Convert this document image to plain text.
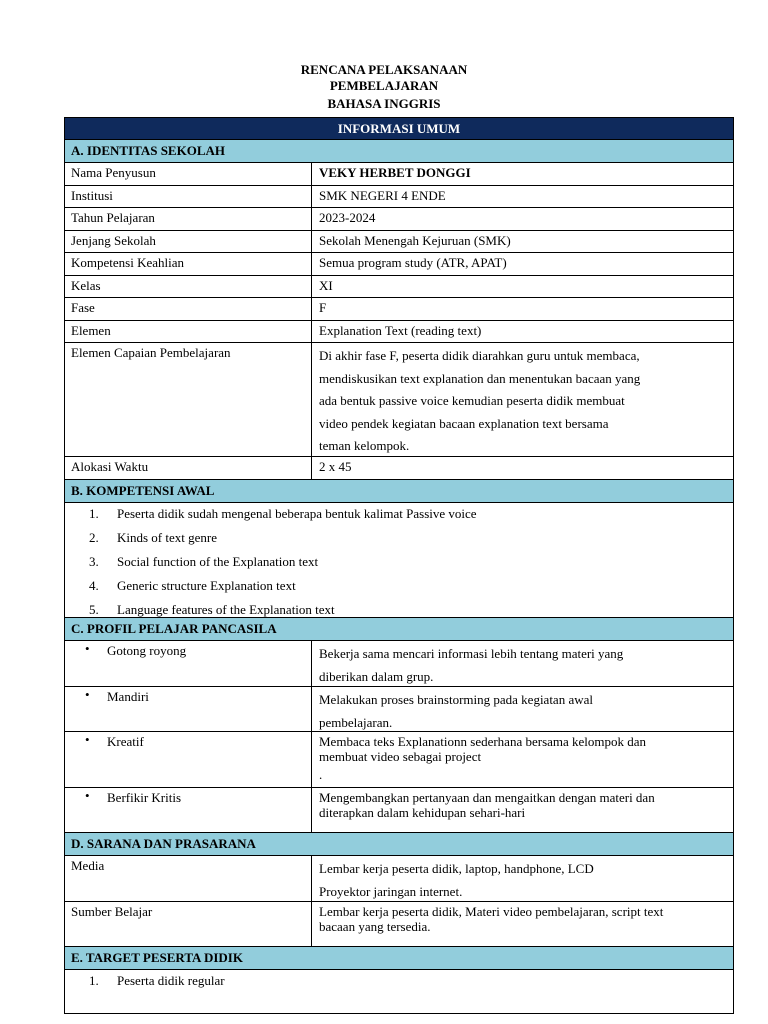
RENCANA PELAKSANAAN
PEMBELAJARAN
BAHASA INGGRIS
INFORMASI UMUM
A. IDENTITAS SEKOLAH
Nama Penyusun	VEKY HERBET DONGGI
Institusi	SMK NEGERI 4 ENDE
Tahun Pelajaran	2023-2024
Jenjang Sekolah	Sekolah Menengah Kejuruan (SMK)
Kompetensi Keahlian	Semua program study (ATR, APAT)
Kelas	XI
Fase	F
Elemen	Explanation Text (reading text)
Elemen Capaian Pembelajaran	Di akhir fase F, peserta didik diarahkan guru untuk membaca,
mendiskusikan text explanation dan menentukan bacaan yang
ada bentuk passive voice kemudian peserta didik membuat
video pendek kegiatan bacaan explanation text bersama
teman kelompok.
Alokasi Waktu	2 x 45
B. KOMPETENSI AWAL
1. Peserta didik sudah mengenal beberapa bentuk kalimat Passive voice
2. Kinds of text genre
3. Social function of the Explanation text
4. Generic structure Explanation text
5. Language features of the Explanation text
C. PROFIL PELAJAR PANCASILA
• Gotong royong	Bekerja sama mencari informasi lebih tentang materi yang
diberikan dalam grup.
• Mandiri	Melakukan proses brainstorming pada kegiatan awal
pembelajaran.
• Kreatif	Membaca teks Explanationn sederhana bersama kelompok dan
membuat video sebagai project
.
• Berfikir Kritis	Mengembangkan pertanyaan dan mengaitkan dengan materi dan
diterapkan dalam kehidupan sehari-hari
D. SARANA DAN PRASARANA
Media	Lembar kerja peserta didik, laptop, handphone, LCD
Proyektor jaringan internet.
Sumber Belajar	Lembar kerja peserta didik, Materi video pembelajaran, script text
bacaan yang tersedia.
E. TARGET PESERTA DIDIK
1. Peserta didik regular
